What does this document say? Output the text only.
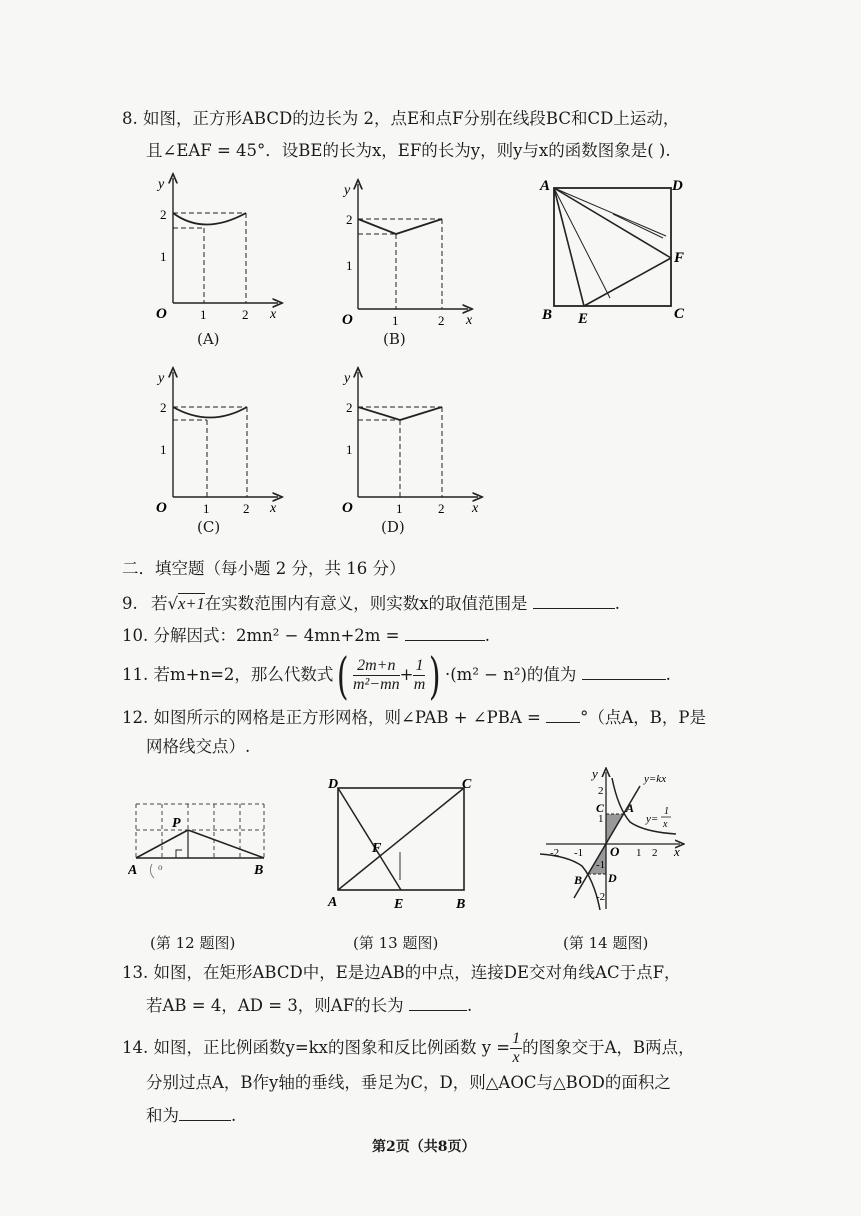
8. 如图，正方形ABCD的边长为 2，点E和点F分别在线段BC和CD上运动，
且∠EAF = 45°．设BE的长为x，EF的长为y，则y与x的函数图象是( ).
y
2
1
O	1	2 x
(A)
y
2
1
O	1	2 x
(B)
A	D
B	C
E
F
y
2
1
O	1	2 x
(C)
y
2
1
O	1	2 x
(D)
二．填空题（每小题 2 分，共 16 分）
9. 若√x+1在实数范围内有意义，则实数x的取值范围是	.
10. 分解因式：2mn² − 4mn+2m =	.
11. 若m+n=2，那么代数式( $\frac{2m+n}{\text{m²−mn}} + \frac{1}{m}$ ) ·(m² − n²)的值为	.
12. 如图所示的网格是正方形网格，则∠PAB + ∠PBA = °（点A，B，P是
网格线交点）.
P
A	B
o
(第 12 题图)
D	C
A	B
E
F
(第 13 题图)
y
x
O
A
B
C
D
y=kx
y=
1
x
-2 -1	1 2
2
1
-1
-2
(第 14 题图)
13. 如图，在矩形ABCD中，E是边AB的中点，连接DE交对角线AC于点F，
若AB = 4，AD = 3，则AF的长为	.
14. 如图，正比例函数y=kx的图象和反比例函数 $y = \frac{1}{x}$ 的图象交于A，B两点，
分别过点A，B作y轴的垂线，垂足为C，D，则△AOC与△BOD的面积之
和为	.
第2页（共8页）
